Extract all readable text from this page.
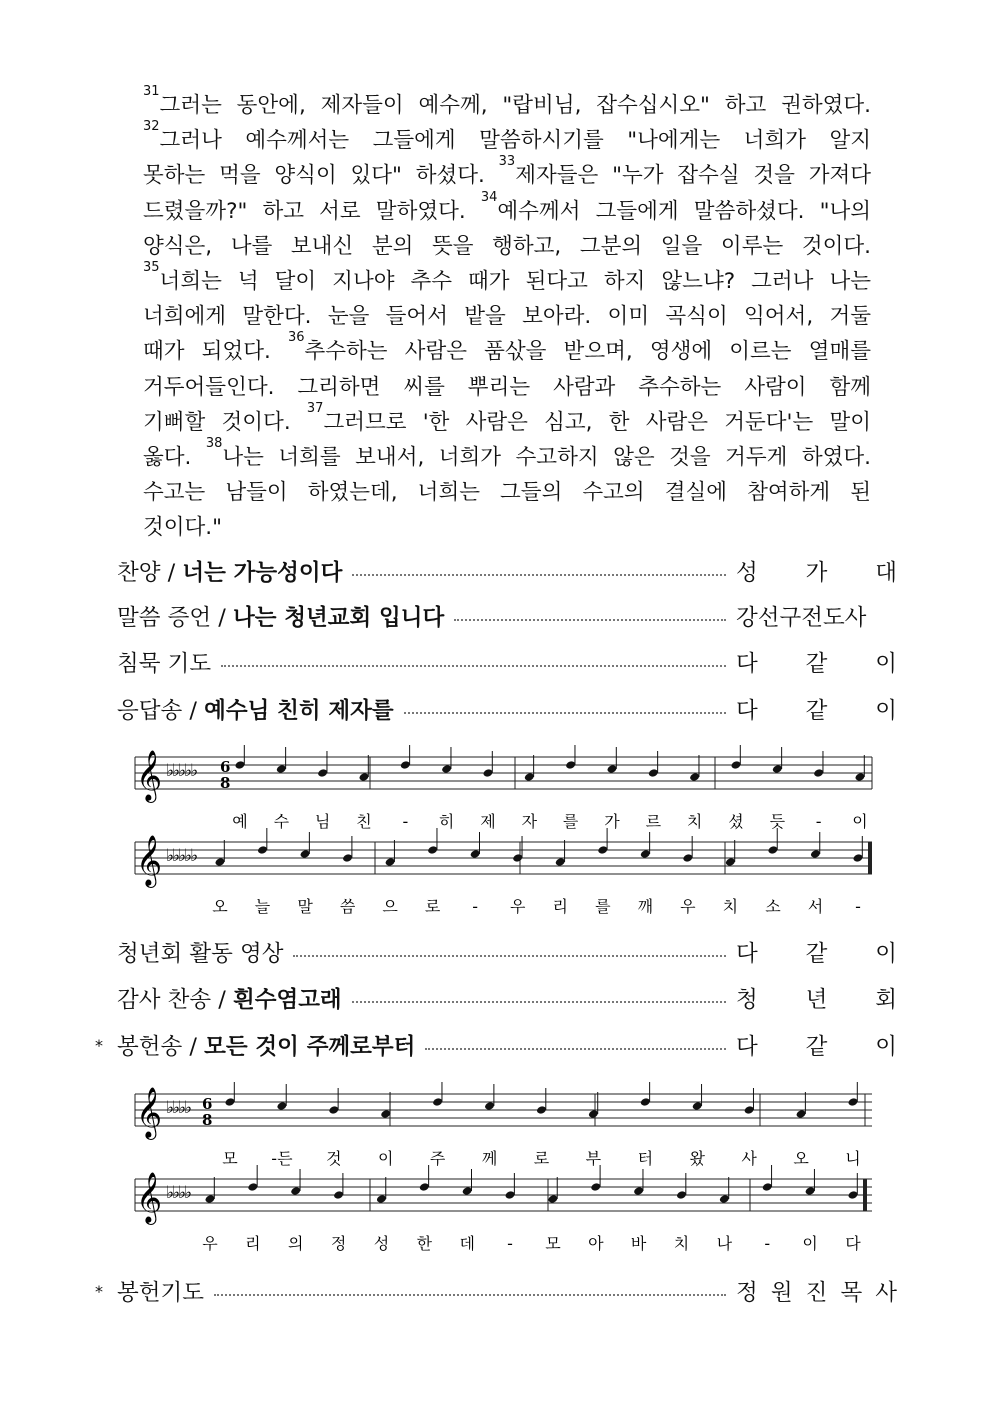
$^{31}$그러는 동안에, 제자들이 예수께, "랍비님, 잡수십시오" 하고 권하였다.
$^{32}$그러나 예수께서는 그들에게 말씀하시기를 "나에게는 너희가 알지
못하는 먹을 양식이 있다" 하셨다. $^{33}$제자들은 "누가 잡수실 것을 가져다
드렸을까?" 하고 서로 말하였다. $^{34}$예수께서 그들에게 말씀하셨다. "나의
양식은, 나를 보내신 분의 뜻을 행하고, 그분의 일을 이루는 것이다.
$^{35}$너희는 넉 달이 지나야 추수 때가 된다고 하지 않느냐? 그러나 나는
너희에게 말한다. 눈을 들어서 밭을 보아라. 이미 곡식이 익어서, 거둘
때가 되었다. $^{36}$추수하는 사람은 품삯을 받으며, 영생에 이르는 열매를
거두어들인다. 그리하면 씨를 뿌리는 사람과 추수하는 사람이 함께
기뻐할 것이다. $^{37}$그러므로 '한 사람은 심고, 한 사람은 거둔다'는 말이
옳다. $^{38}$나는 너희를 보내서, 너희가 수고하지 않은 것을 거두게 하였다.
수고는 남들이 하였는데, 너희는 그들의 수고의 결실에 참여하게 된
것이다."
찬양 / 너는 가능성이다	성 가 대
말씀 증언 / 나는 청년교회 입니다	강선구전도사
침묵 기도	다 같 이
응답송 / 예수님 친히 제자를	다 같 이
𝄞 ♭♭♭♭♭ 6
8
예 수 님 친 - 히 제 자 를 가 르 치 셨 듯 - 이
𝄞 ♭♭♭♭♭
오 늘 말 씀 으 로 - 우 리 를 깨 우 치 소 서 -
청년회 활동 영상	다 같 이
감사 찬송 / 흰수염고래	청 년 회
* 봉헌송 / 모든 것이 주께로부터	다 같 이
𝄞 ♭♭♭♭ 6
8
모 -든 것 이 주 께 로 부 터 왔 사 오 니
𝄞 ♭♭♭♭
우 리 의 정 성 한 데 - 모 아 바 치 나 - 이 다
* 봉헌기도	정 원 진 목 사
